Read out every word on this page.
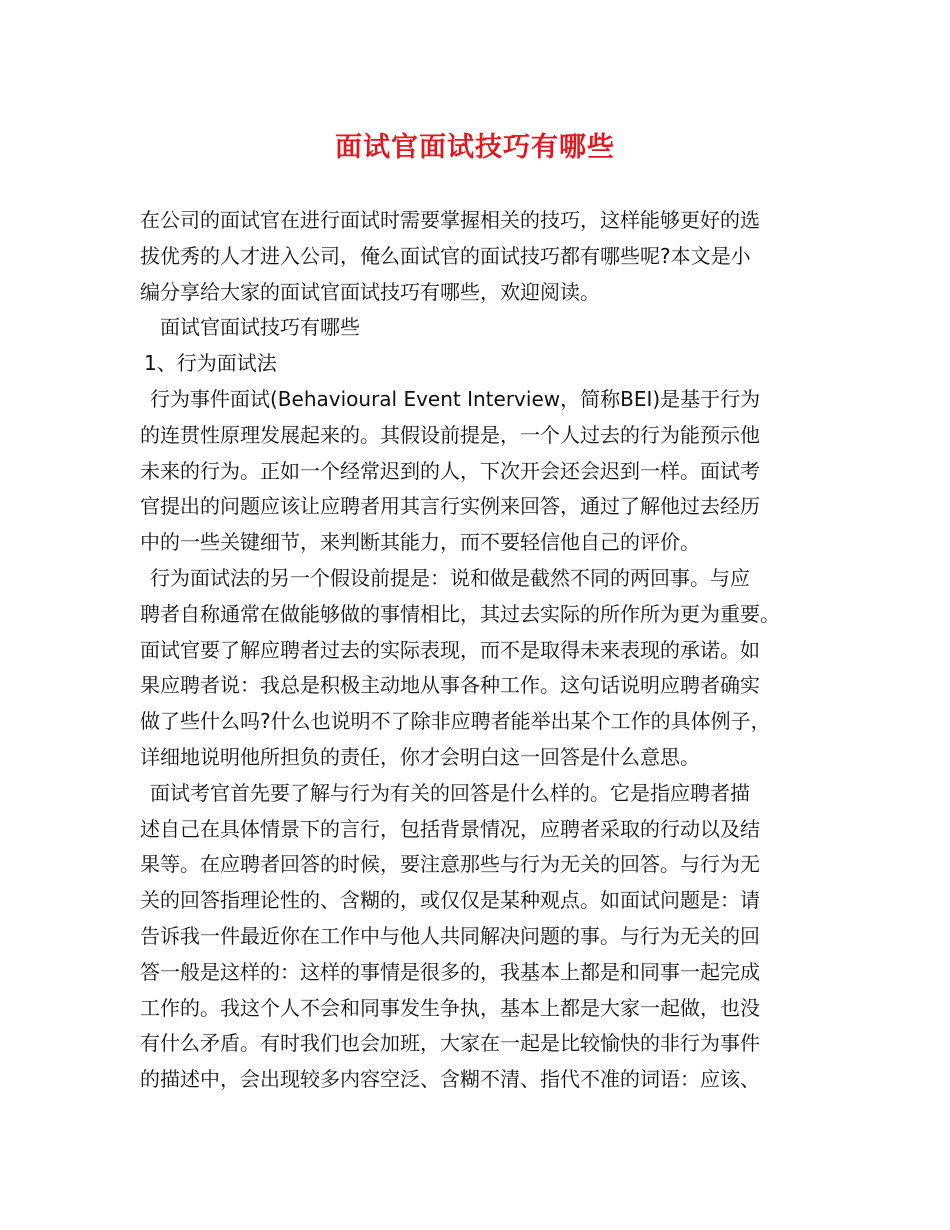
面试官面试技巧有哪些
在公司的面试官在进行面试时需要掌握相关的技巧，这样能够更好的选
拔优秀的人才进入公司，俺么面试官的面试技巧都有哪些呢?本文是小
编分享给大家的面试官面试技巧有哪些，欢迎阅读。
面试官面试技巧有哪些
1、行为面试法
行为事件面试(Behavioural Event Interview，简称BEI)是基于行为
的连贯性原理发展起来的。其假设前提是，一个人过去的行为能预示他
未来的行为。正如一个经常迟到的人，下次开会还会迟到一样。面试考
官提出的问题应该让应聘者用其言行实例来回答，通过了解他过去经历
中的一些关键细节，来判断其能力，而不要轻信他自己的评价。
行为面试法的另一个假设前提是：说和做是截然不同的两回事。与应
聘者自称通常在做能够做的事情相比，其过去实际的所作所为更为重要。
面试官要了解应聘者过去的实际表现，而不是取得未来表现的承诺。如
果应聘者说：我总是积极主动地从事各种工作。这句话说明应聘者确实
做了些什么吗?什么也说明不了除非应聘者能举出某个工作的具体例子，
详细地说明他所担负的责任，你才会明白这一回答是什么意思。
面试考官首先要了解与行为有关的回答是什么样的。它是指应聘者描
述自己在具体情景下的言行，包括背景情况，应聘者采取的行动以及结
果等。在应聘者回答的时候，要注意那些与行为无关的回答。与行为无
关的回答指理论性的、含糊的，或仅仅是某种观点。如面试问题是：请
告诉我一件最近你在工作中与他人共同解决问题的事。与行为无关的回
答一般是这样的：这样的事情是很多的，我基本上都是和同事一起完成
工作的。我这个人不会和同事发生争执，基本上都是大家一起做，也没
有什么矛盾。有时我们也会加班，大家在一起是比较愉快的非行为事件
的描述中，会出现较多内容空泛、含糊不清、指代不准的词语：应该、
